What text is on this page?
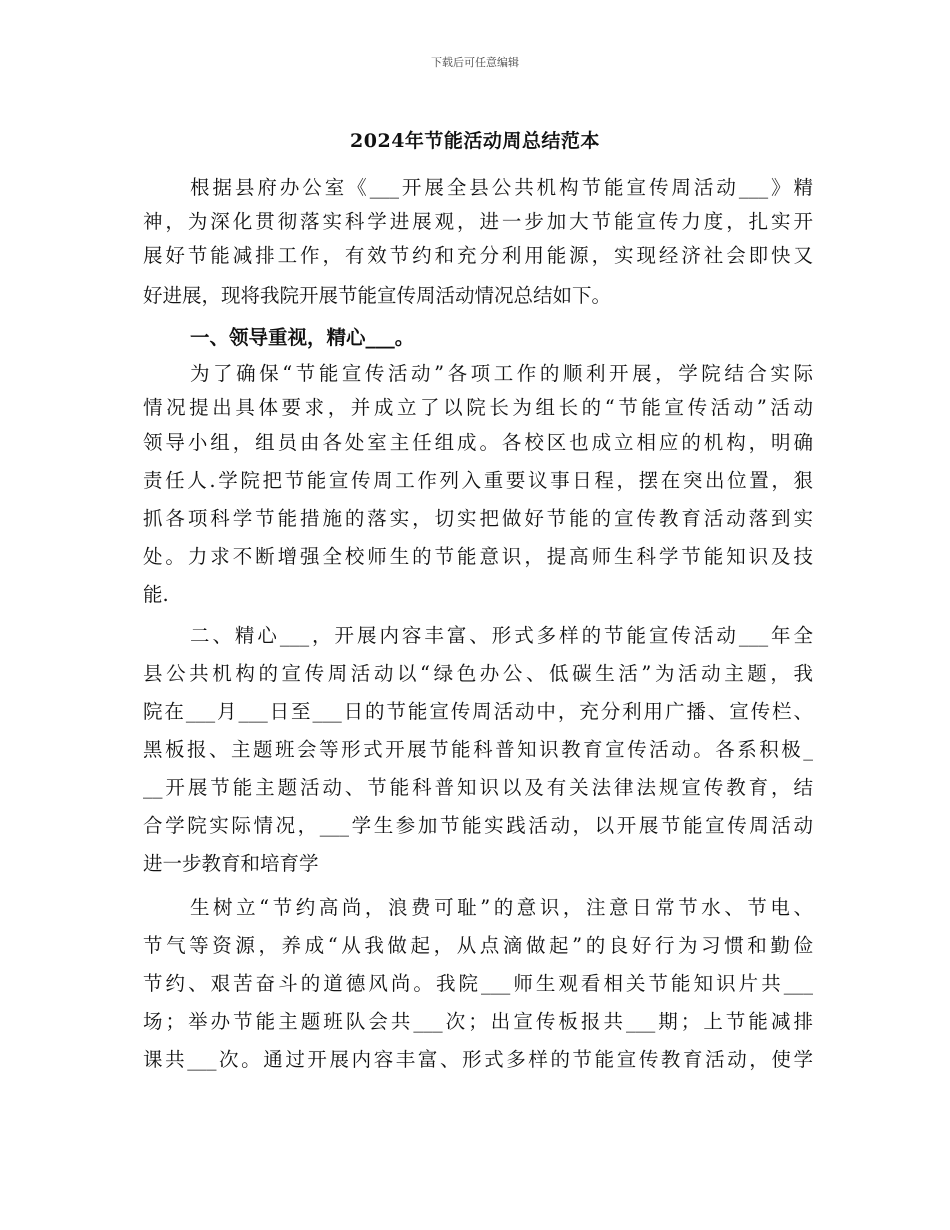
下载后可任意编辑
2024年节能活动周总结范本
根据县府办公室《___开展全县公共机构节能宣传周活动___》精
神，为深化贯彻落实科学进展观，进一步加大节能宣传力度，扎实开
展好节能减排工作，有效节约和充分利用能源，实现经济社会即快又
好进展，现将我院开展节能宣传周活动情况总结如下。
一、领导重视，精心___。
为了确保“节能宣传活动”各项工作的顺利开展，学院结合实际
情况提出具体要求，并成立了以院长为组长的“节能宣传活动”活动
领导小组，组员由各处室主任组成。各校区也成立相应的机构，明确
责任人.学院把节能宣传周工作列入重要议事日程，摆在突出位置，狠
抓各项科学节能措施的落实，切实把做好节能的宣传教育活动落到实
处。力求不断增强全校师生的节能意识，提高师生科学节能知识及技
能.
二、精心___，开展内容丰富、形式多样的节能宣传活动___年全
县公共机构的宣传周活动以“绿色办公、低碳生活”为活动主题，我
院在___月___日至___日的节能宣传周活动中，充分利用广播、宣传栏、
黑板报、主题班会等形式开展节能科普知识教育宣传活动。各系积极_
__开展节能主题活动、节能科普知识以及有关法律法规宣传教育，结
合学院实际情况，___学生参加节能实践活动，以开展节能宣传周活动
进一步教育和培育学
生树立“节约高尚，浪费可耻”的意识，注意日常节水、节电、
节气等资源，养成“从我做起，从点滴做起”的良好行为习惯和勤俭
节约、艰苦奋斗的道德风尚。我院___师生观看相关节能知识片共___
场；举办节能主题班队会共___次；出宣传板报共___期；上节能减排
课共___次。通过开展内容丰富、形式多样的节能宣传教育活动，使学
